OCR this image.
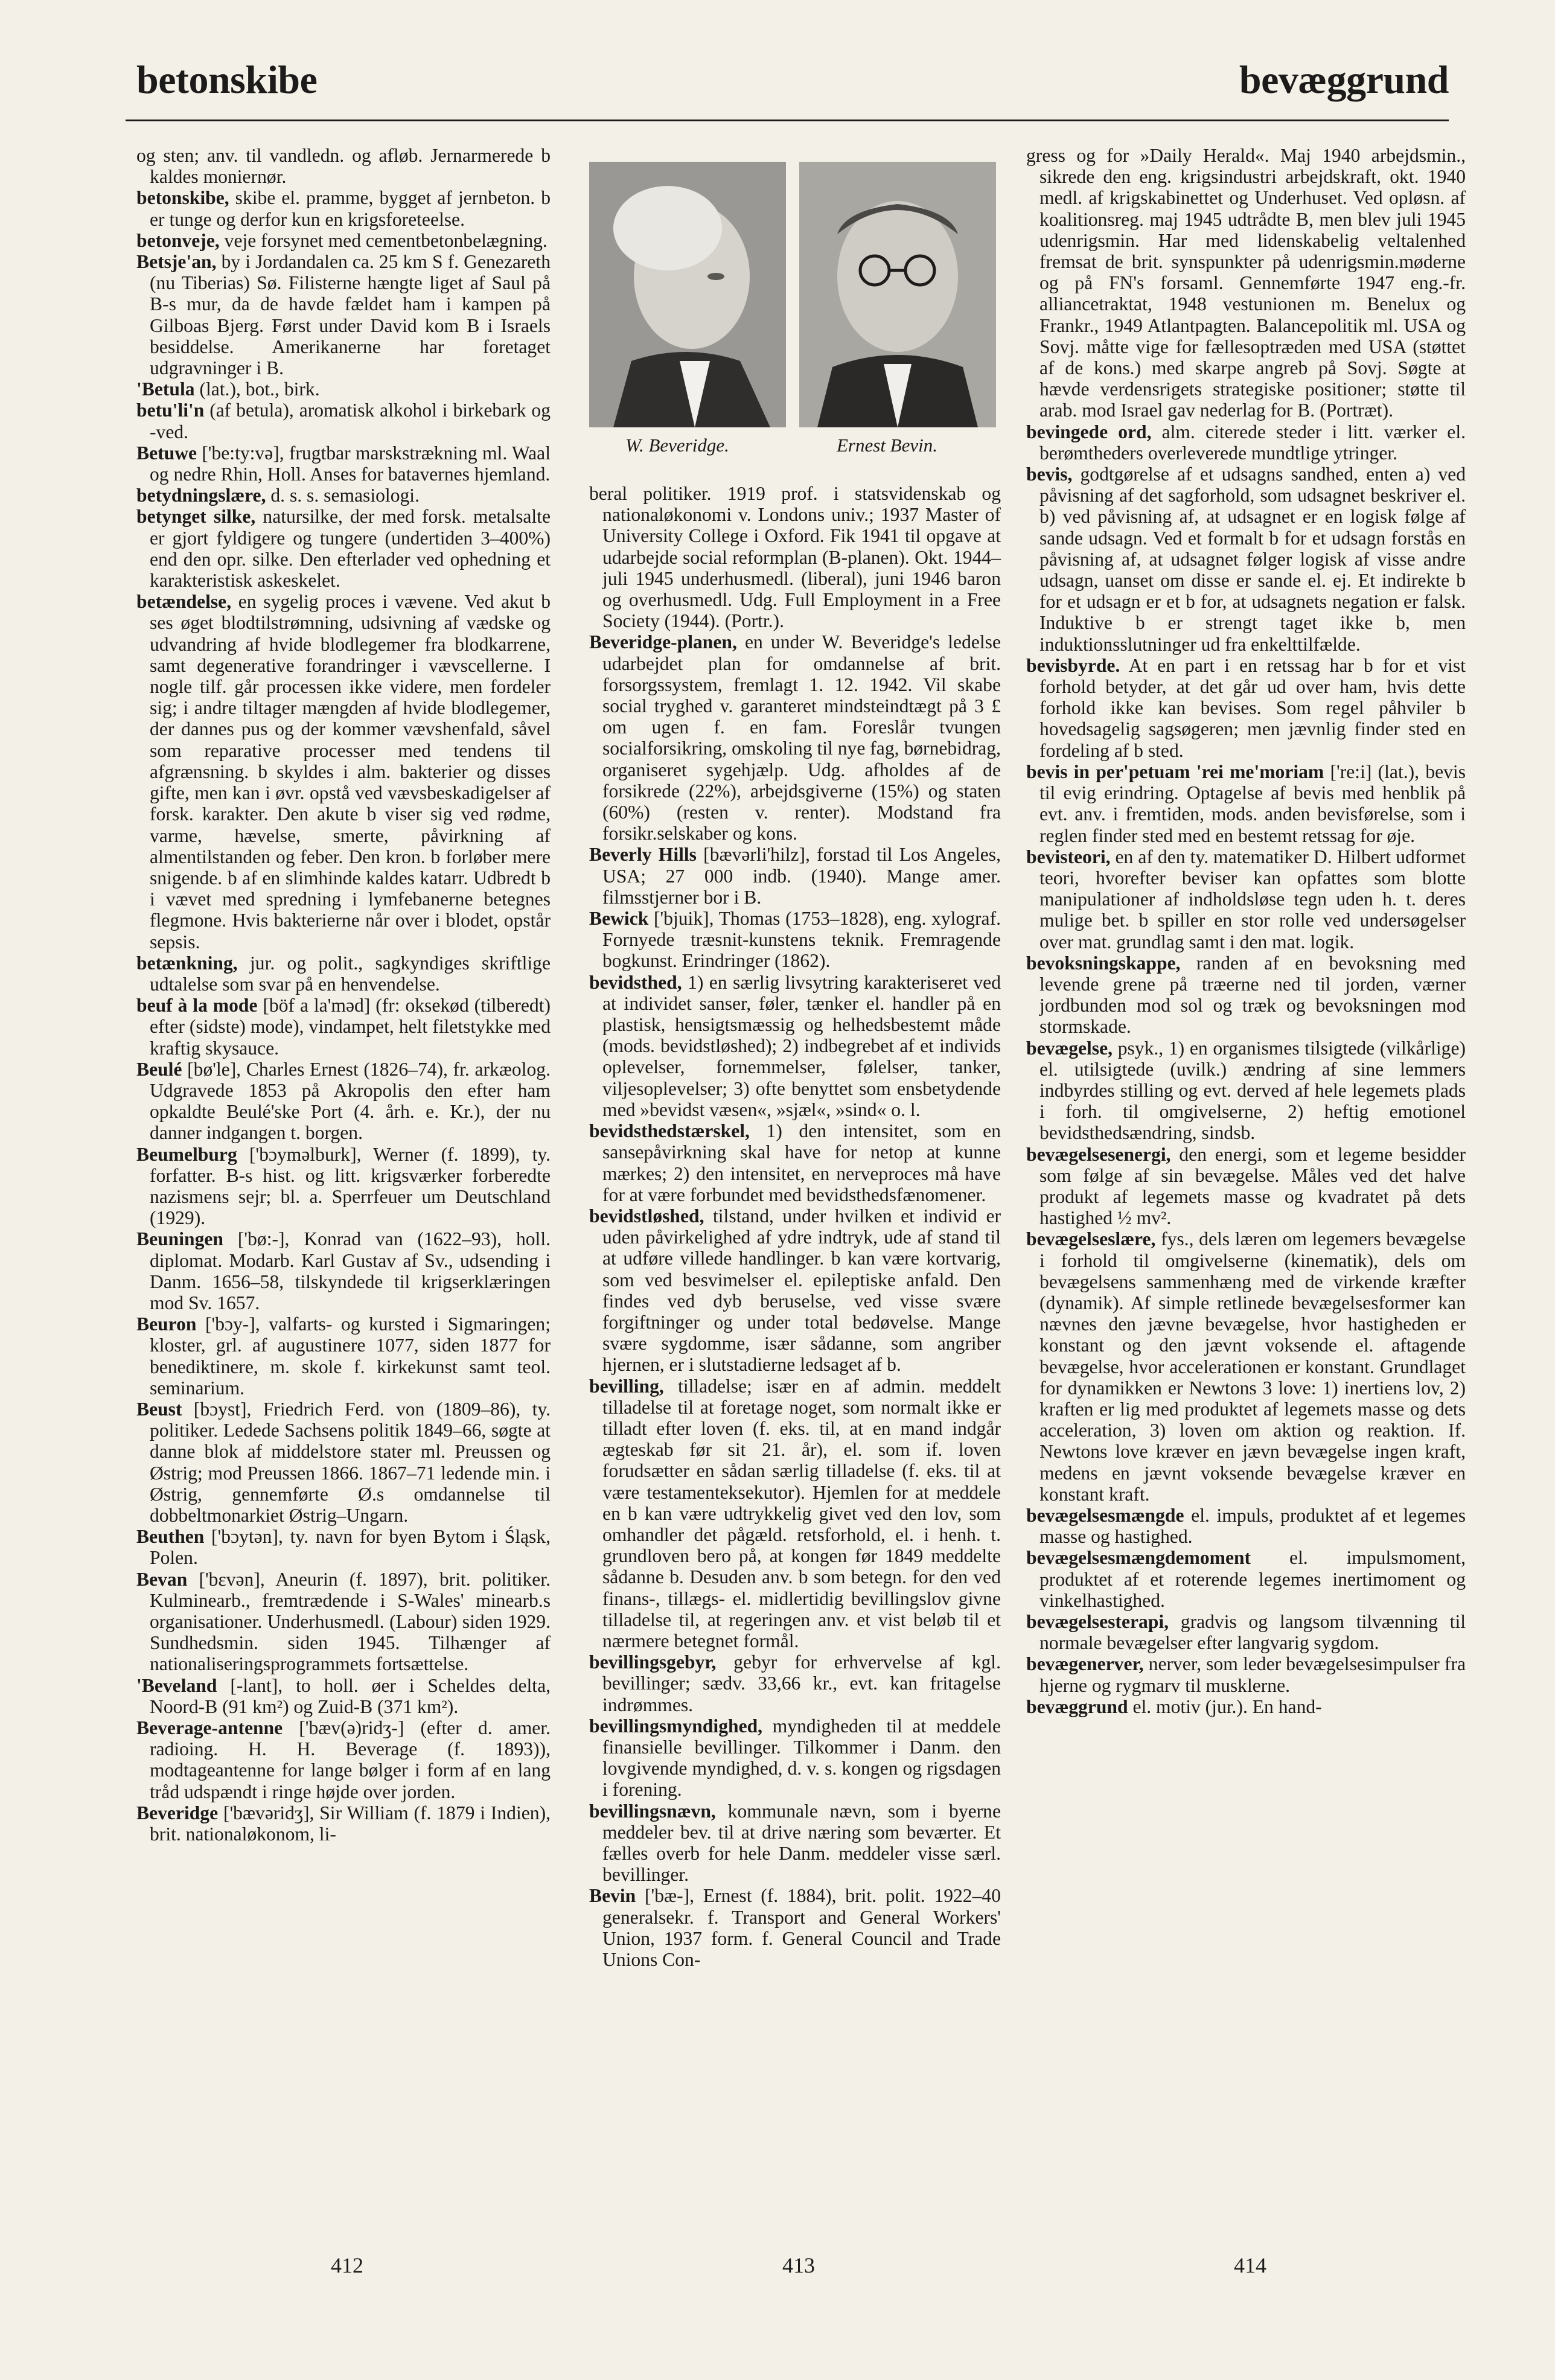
betonskibe	bevæggrund

og sten; anv. til vandledn. og afløb. Jernarmerede b kaldes moniernør.

betonskibe, skibe el. pramme, bygget af jernbeton. b er tunge og derfor kun en krigsforeteelse.

betonveje, veje forsynet med cementbetonbelægning.

Betsje'an, by i Jordandalen ca. 25 km S f. Genezareth (nu Tiberias) Sø. Filisterne hængte liget af Saul på B-s mur, da de havde fældet ham i kampen på Gilboas Bjerg. Først under David kom B i Israels besiddelse. Amerikanerne har foretaget udgravninger i B.

'Betula (lat.), bot., birk.

betu'li'n (af betula), aromatisk alkohol i birkebark og -ved.

Betuwe ['be:ty:və], frugtbar marskstrækning ml. Waal og nedre Rhin, Holl. Anses for batavernes hjemland.

betydningslære, d. s. s. semasiologi.

betynget silke, natursilke, der med forsk. metalsalte er gjort fyldigere og tungere (undertiden 3–400%) end den opr. silke. Den efterlader ved ophedning et karakteristisk askeskelet.

betændelse, en sygelig proces i vævene. Ved akut b ses øget blodtilstrømning, udsivning af vædske og udvandring af hvide blodlegemer fra blodkarrene, samt degenerative forandringer i vævscellerne. I nogle tilf. går processen ikke videre, men fordeler sig; i andre tiltager mængden af hvide blodlegemer, der dannes pus og der kommer vævshenfald, såvel som reparative processer med tendens til afgrænsning. b skyldes i alm. bakterier og disses gifte, men kan i øvr. opstå ved vævsbeskadigelser af forsk. karakter. Den akute b viser sig ved rødme, varme, hævelse, smerte, påvirkning af almentilstanden og feber. Den kron. b forløber mere snigende. b af en slimhinde kaldes katarr. Udbredt b i vævet med spredning i lymfebanerne betegnes flegmone. Hvis bakterierne når over i blodet, opstår sepsis.

betænkning, jur. og polit., sagkyndiges skriftlige udtalelse som svar på en henvendelse.

beuf à la mode [böf a la'məd] (fr: oksekød (tilberedt) efter (sidste) mode), vindampet, helt filetstykke med kraftig skysauce.

Beulé [bø'le], Charles Ernest (1826–74), fr. arkæolog. Udgravede 1853 på Akropolis den efter ham opkaldte Beulé'ske Port (4. årh. e. Kr.), der nu danner indgangen t. borgen.

Beumelburg ['bɔyməlburk], Werner (f. 1899), ty. forfatter. B-s hist. og litt. krigsværker forberedte nazismens sejr; bl. a. Sperrfeuer um Deutschland (1929).

Beuningen ['bø:-], Konrad van (1622–93), holl. diplomat. Modarb. Karl Gustav af Sv., udsending i Danm. 1656–58, tilskyndede til krigserklæringen mod Sv. 1657.

Beuron ['bɔy-], valfarts- og kursted i Sigmaringen; kloster, grl. af augustinere 1077, siden 1877 for benediktinere, m. skole f. kirkekunst samt teol. seminarium.

Beust [bɔyst], Friedrich Ferd. von (1809–86), ty. politiker. Ledede Sachsens politik 1849–66, søgte at danne blok af middelstore stater ml. Preussen og Østrig; mod Preussen 1866. 1867–71 ledende min. i Østrig, gennemførte Ø.s omdannelse til dobbeltmonarkiet Østrig–Ungarn.

Beuthen ['bɔytən], ty. navn for byen Bytom i Śląsk, Polen.

Bevan ['bεvən], Aneurin (f. 1897), brit. politiker. Kulminearb., fremtrædende i S-Wales' minearb.s organisationer. Underhusmedl. (Labour) siden 1929. Sundhedsmin. siden 1945. Tilhænger af nationaliseringsprogrammets fortsættelse.

'Beveland [-lant], to holl. øer i Scheldes delta, Noord-B (91 km²) og Zuid-B (371 km²).

Beverage-antenne ['bæv(ə)ridʒ-] (efter d. amer. radioing. H. H. Beverage (f. 1893)), modtageantenne for lange bølger i form af en lang tråd udspændt i ringe højde over jorden.

Beveridge ['bævəridʒ], Sir William (f. 1879 i Indien), brit. nationaløkonom, li-

W. Beveridge.	Ernest Bevin.

beral politiker. 1919 prof. i statsvidenskab og nationaløkonomi v. Londons univ.; 1937 Master of University College i Oxford. Fik 1941 til opgave at udarbejde social reformplan (B-planen). Okt. 1944–juli 1945 underhusmedl. (liberal), juni 1946 baron og overhusmedl. Udg. Full Employment in a Free Society (1944). (Portr.).

Beveridge-planen, en under W. Beveridge's ledelse udarbejdet plan for omdannelse af brit. forsorgssystem, fremlagt 1. 12. 1942. Vil skabe social tryghed v. garanteret mindsteindtægt på 3 £ om ugen f. en fam. Foreslår tvungen socialforsikring, omskoling til nye fag, børnebidrag, organiseret sygehjælp. Udg. afholdes af de forsikrede (22%), arbejdsgiverne (15%) og staten (60%) (resten v. renter). Modstand fra forsikr.selskaber og kons.

Beverly Hills [bævərli'hilz], forstad til Los Angeles, USA; 27 000 indb. (1940). Mange amer. filmsstjerner bor i B.

Bewick ['bjuik], Thomas (1753–1828), eng. xylograf. Fornyede træsnit-kunstens teknik. Fremragende bogkunst. Erindringer (1862).

bevidsthed, 1) en særlig livsytring karakteriseret ved at individet sanser, føler, tænker el. handler på en plastisk, hensigtsmæssig og helhedsbestemt måde (mods. bevidstløshed); 2) indbegrebet af et individs oplevelser, fornemmelser, følelser, tanker, viljesoplevelser; 3) ofte benyttet som ensbetydende med »bevidst væsen«, »sjæl«, »sind« o. l.

bevidsthedstærskel, 1) den intensitet, som en sansepåvirkning skal have for netop at kunne mærkes; 2) den intensitet, en nerveproces må have for at være forbundet med bevidsthedsfænomener.

bevidstløshed, tilstand, under hvilken et individ er uden påvirkelighed af ydre indtryk, ude af stand til at udføre villede handlinger. b kan være kortvarig, som ved besvimelser el. epileptiske anfald. Den findes ved dyb beruselse, ved visse svære forgiftninger og under total bedøvelse. Mange svære sygdomme, især sådanne, som angriber hjernen, er i slutstadierne ledsaget af b.

bevilling, tilladelse; især en af admin. meddelt tilladelse til at foretage noget, som normalt ikke er tilladt efter loven (f. eks. til, at en mand indgår ægteskab før sit 21. år), el. som if. loven forudsætter en sådan særlig tilladelse (f. eks. til at være testamenteksekutor). Hjemlen for at meddele en b kan være udtrykkelig givet ved den lov, som omhandler det pågæld. retsforhold, el. i henh. t. grundloven bero på, at kongen før 1849 meddelte sådanne b. Desuden anv. b som betegn. for den ved finans-, tillægs- el. midlertidig bevillingslov givne tilladelse til, at regeringen anv. et vist beløb til et nærmere betegnet formål.

bevillingsgebyr, gebyr for erhvervelse af kgl. bevillinger; sædv. 33,66 kr., evt. kan fritagelse indrømmes.

bevillingsmyndighed, myndigheden til at meddele finansielle bevillinger. Tilkommer i Danm. den lovgivende myndighed, d. v. s. kongen og rigsdagen i forening.

bevillingsnævn, kommunale nævn, som i byerne meddeler bev. til at drive næring som beværter. Et fælles overb for hele Danm. meddeler visse særl. bevillinger.

Bevin ['bæ-], Ernest (f. 1884), brit. polit. 1922–40 generalsekr. f. Transport and General Workers' Union, 1937 form. f. General Council and Trade Unions Con-

gress og for »Daily Herald«. Maj 1940 arbejdsmin., sikrede den eng. krigsindustri arbejdskraft, okt. 1940 medl. af krigskabinettet og Underhuset. Ved opløsn. af koalitionsreg. maj 1945 udtrådte B, men blev juli 1945 udenrigsmin. Har med lidenskabelig veltalenhed fremsat de brit. synspunkter på udenrigsmin.møderne og på FN's forsaml. Gennemførte 1947 eng.-fr. alliancetraktat, 1948 vestunionen m. Benelux og Frankr., 1949 Atlantpagten. Balancepolitik ml. USA og Sovj. måtte vige for fællesoptræden med USA (støttet af de kons.) med skarpe angreb på Sovj. Søgte at hævde verdensrigets strategiske positioner; støtte til arab. mod Israel gav nederlag for B. (Portræt).

bevingede ord, alm. citerede steder i litt. værker el. berømtheders overleverede mundtlige ytringer.

bevis, godtgørelse af et udsagns sandhed, enten a) ved påvisning af det sagforhold, som udsagnet beskriver el. b) ved påvisning af, at udsagnet er en logisk følge af sande udsagn. Ved et formalt b for et udsagn forstås en påvisning af, at udsagnet følger logisk af visse andre udsagn, uanset om disse er sande el. ej. Et indirekte b for et udsagn er et b for, at udsagnets negation er falsk. Induktive b er strengt taget ikke b, men induktionsslutninger ud fra enkelttilfælde.

bevisbyrde. At en part i en retssag har b for et vist forhold betyder, at det går ud over ham, hvis dette forhold ikke kan bevises. Som regel påhviler b hovedsagelig sagsøgeren; men jævnlig finder sted en fordeling af b sted.

bevis in per'petuam 'rei me'moriam ['re:i] (lat.), bevis til evig erindring. Optagelse af bevis med henblik på evt. anv. i fremtiden, mods. anden bevisførelse, som i reglen finder sted med en bestemt retssag for øje.

bevisteori, en af den ty. matematiker D. Hilbert udformet teori, hvorefter beviser kan opfattes som blotte manipulationer af indholdsløse tegn uden h. t. deres mulige bet. b spiller en stor rolle ved undersøgelser over mat. grundlag samt i den mat. logik.

bevoksningskappe, randen af en bevoksning med levende grene på træerne ned til jorden, værner jordbunden mod sol og træk og bevoksningen mod stormskade.

bevægelse, psyk., 1) en organismes tilsigtede (vilkårlige) el. utilsigtede (uvilk.) ændring af sine lemmers indbyrdes stilling og evt. derved af hele legemets plads i forh. til omgivelserne, 2) heftig emotionel bevidsthedsændring, sindsb.

bevægelsesenergi, den energi, som et legeme besidder som følge af sin bevægelse. Måles ved det halve produkt af legemets masse og kvadratet på dets hastighed ½ mv².

bevægelseslære, fys., dels læren om legemers bevægelse i forhold til omgivelserne (kinematik), dels om bevægelsens sammenhæng med de virkende kræfter (dynamik). Af simple retlinede bevægelsesformer kan nævnes den jævne bevægelse, hvor hastigheden er konstant og den jævnt voksende el. aftagende bevægelse, hvor accelerationen er konstant. Grundlaget for dynamikken er Newtons 3 love: 1) inertiens lov, 2) kraften er lig med produktet af legemets masse og dets acceleration, 3) loven om aktion og reaktion. If. Newtons love kræver en jævn bevægelse ingen kraft, medens en jævnt voksende bevægelse kræver en konstant kraft.

bevægelsesmængde el. impuls, produktet af et legemes masse og hastighed.

bevægelsesmængdemoment el. impulsmoment, produktet af et roterende legemes inertimoment og vinkelhastighed.

bevægelsesterapi, gradvis og langsom tilvænning til normale bevægelser efter langvarig sygdom.

bevægenerver, nerver, som leder bevægelsesimpulser fra hjerne og rygmarv til musklerne.

bevæggrund el. motiv (jur.). En hand-

412	413	414
